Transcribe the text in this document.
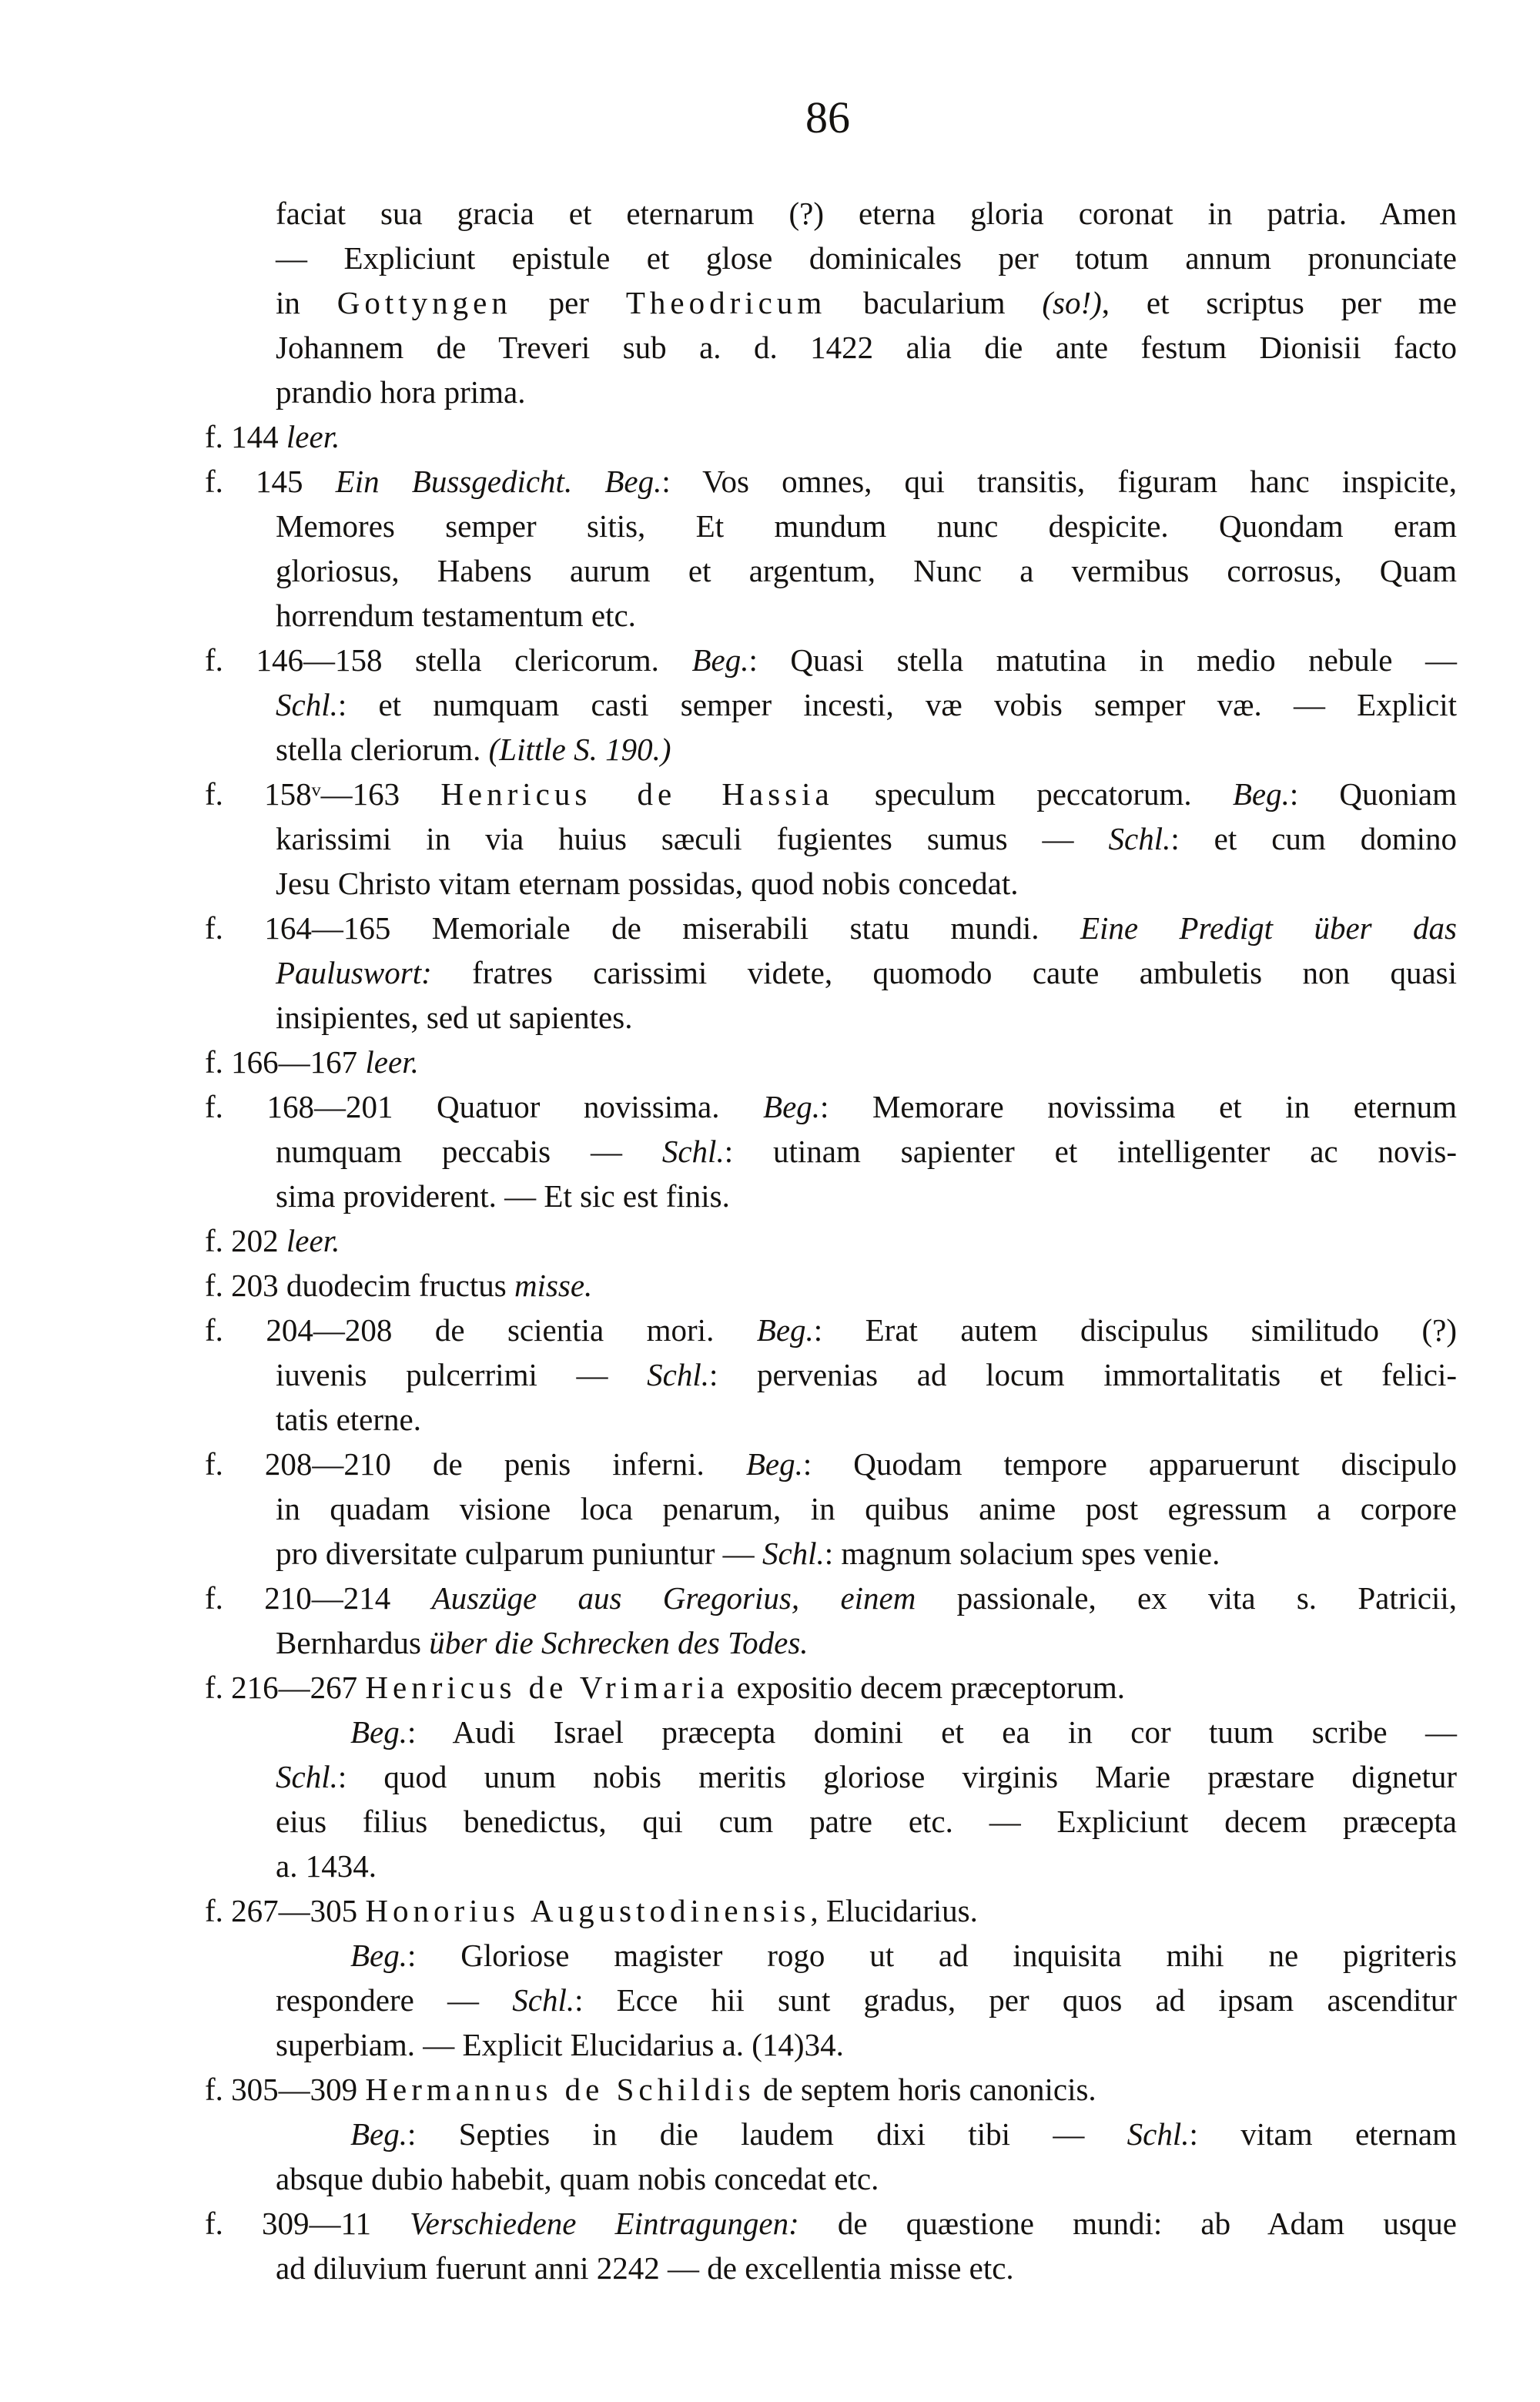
86
faciat sua gracia et eternarum (?) eterna gloria coronat in patria. Amen
— Expliciunt epistule et glose dominicales per totum annum pronunciate
in Gottyngen per Theodricum bacularium (so!), et scriptus per me
Johannem de Treveri sub a. d. 1422 alia die ante festum Dionisii facto
prandio hora prima.
f. 144 leer.
f. 145 Ein Bussgedicht. Beg.: Vos omnes, qui transitis, figuram hanc inspicite,
Memores semper sitis, Et mundum nunc despicite. Quondam eram
gloriosus, Habens aurum et argentum, Nunc a vermibus corrosus, Quam
horrendum testamentum etc.
f. 146—158 stella clericorum. Beg.: Quasi stella matutina in medio nebule —
Schl.: et numquam casti semper incesti, væ vobis semper væ. — Explicit
stella cleriorum. (Little S. 190.)
f. 158ᵛ—163 Henricus de Hassia speculum peccatorum. Beg.: Quoniam
karissimi in via huius sæculi fugientes sumus — Schl.: et cum domino
Jesu Christo vitam eternam possidas, quod nobis concedat.
f. 164—165 Memoriale de miserabili statu mundi. Eine Predigt über das
Pauluswort: fratres carissimi videte, quomodo caute ambuletis non quasi
insipientes, sed ut sapientes.
f. 166—167 leer.
f. 168—201 Quatuor novissima. Beg.: Memorare novissima et in eternum
numquam peccabis — Schl.: utinam sapienter et intelligenter ac novis-
sima providerent. — Et sic est finis.
f. 202 leer.
f. 203 duodecim fructus misse.
f. 204—208 de scientia mori. Beg.: Erat autem discipulus similitudo (?)
iuvenis pulcerrimi — Schl.: pervenias ad locum immortalitatis et felici-
tatis eterne.
f. 208—210 de penis inferni. Beg.: Quodam tempore apparuerunt discipulo
in quadam visione loca penarum, in quibus anime post egressum a corpore
pro diversitate culparum puniuntur — Schl.: magnum solacium spes venie.
f. 210—214 Auszüge aus Gregorius, einem passionale, ex vita s. Patricii,
Bernhardus über die Schrecken des Todes.
f. 216—267 Henricus de Vrimaria expositio decem præceptorum.
Beg.: Audi Israel præcepta domini et ea in cor tuum scribe —
Schl.: quod unum nobis meritis gloriose virginis Marie præstare dignetur
eius filius benedictus, qui cum patre etc. — Expliciunt decem præcepta
a. 1434.
f. 267—305 Honorius Augustodinensis, Elucidarius.
Beg.: Gloriose magister rogo ut ad inquisita mihi ne pigriteris
respondere — Schl.: Ecce hii sunt gradus, per quos ad ipsam ascenditur
superbiam. — Explicit Elucidarius a. (14)34.
f. 305—309 Hermannus de Schildis de septem horis canonicis.
Beg.: Septies in die laudem dixi tibi — Schl.: vitam eternam
absque dubio habebit, quam nobis concedat etc.
f. 309—11 Verschiedene Eintragungen: de quæstione mundi: ab Adam usque
ad diluvium fuerunt anni 2242 — de excellentia misse etc.
